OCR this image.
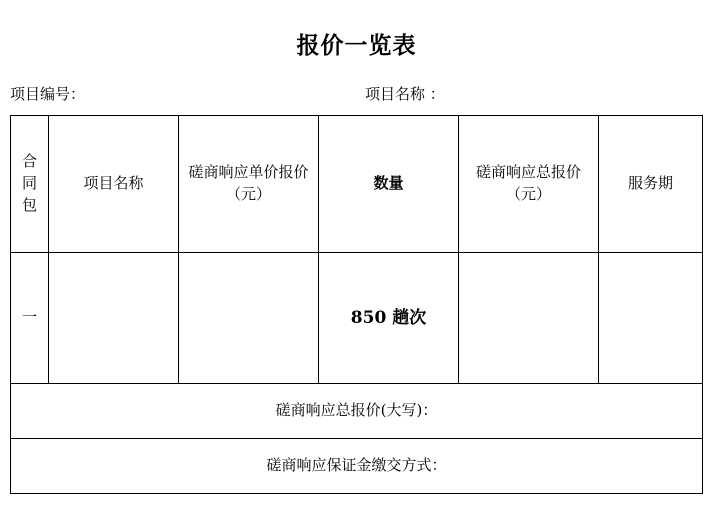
报价一览表
项目编号：	项目名称 ：
合同包	项目名称	磋商响应单价报价（元）	数量	磋商响应总报价（元）	服务期
一			850 趟次		
磋商响应总报价(大写)：					
磋商响应保证金缴交方式：					
